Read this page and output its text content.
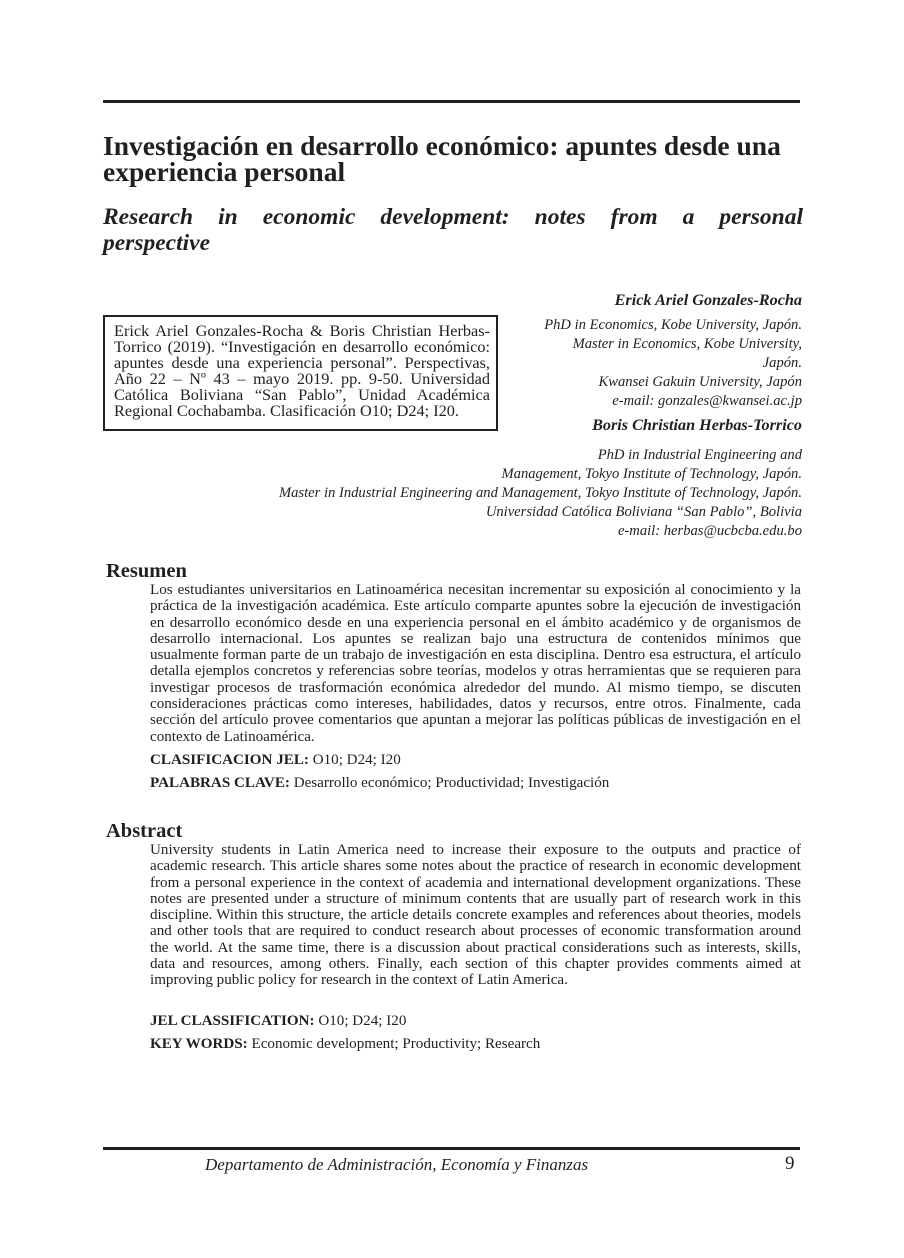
Investigación en desarrollo económico: apuntes desde una experiencia personal
Research in economic development: notes from a personal
perspective
Erick Ariel Gonzales-Rocha & Boris Christian Herbas-Torrico (2019). “Investigación en desarrollo económico: apuntes desde una experiencia personal”. Perspectivas, Año 22 – Nº 43 – mayo 2019. pp. 9-50. Universidad Católica Boliviana “San Pablo”, Unidad Académica Regional Cochabamba. Clasificación O10; D24; I20.
Erick Ariel Gonzales-Rocha
PhD in Economics, Kobe University, Japón.
Master in Economics, Kobe University,
Japón.
Kwansei Gakuin University, Japón
e-mail: gonzales@kwansei.ac.jp
Boris Christian Herbas-Torrico
PhD in Industrial Engineering and
Management, Tokyo Institute of Technology, Japón.
Master in Industrial Engineering and Management, Tokyo Institute of Technology, Japón.
Universidad Católica Boliviana “San Pablo”, Bolivia
e-mail: herbas@ucbcba.edu.bo
Resumen
Los estudiantes universitarios en Latinoamérica necesitan incrementar su exposición al conocimiento y la práctica de la investigación académica. Este artículo comparte apuntes sobre la ejecución de investigación en desarrollo económico desde en una experiencia personal en el ámbito académico y de organismos de desarrollo internacional. Los apuntes se realizan bajo una estructura de contenidos mínimos que usualmente forman parte de un trabajo de investigación en esta disciplina. Dentro esa estructura, el artículo detalla ejemplos concretos y referencias sobre teorías, modelos y otras herramientas que se requieren para investigar procesos de trasformación económica alrededor del mundo. Al mismo tiempo, se discuten consideraciones prácticas como intereses, habilidades, datos y recursos, entre otros. Finalmente, cada sección del artículo provee comentarios que apuntan a mejorar las políticas públicas de investigación en el contexto de Latinoamérica.
CLASIFICACION JEL: O10; D24; I20
PALABRAS CLAVE: Desarrollo económico; Productividad; Investigación
Abstract
University students in Latin America need to increase their exposure to the outputs and practice of academic research. This article shares some notes about the practice of research in economic development from a personal experience in the context of academia and international development organizations. These notes are presented under a structure of minimum contents that are usually part of research work in this discipline. Within this structure, the article details concrete examples and references about theories, models and other tools that are required to conduct research about processes of economic transformation around the world. At the same time, there is a discussion about practical considerations such as interests, skills, data and resources, among others. Finally, each section of this chapter provides comments aimed at improving public policy for research in the context of Latin America.
JEL CLASSIFICATION: O10; D24; I20
KEY WORDS: Economic development; Productivity; Research
Departamento de Administración, Economía y Finanzas	9
